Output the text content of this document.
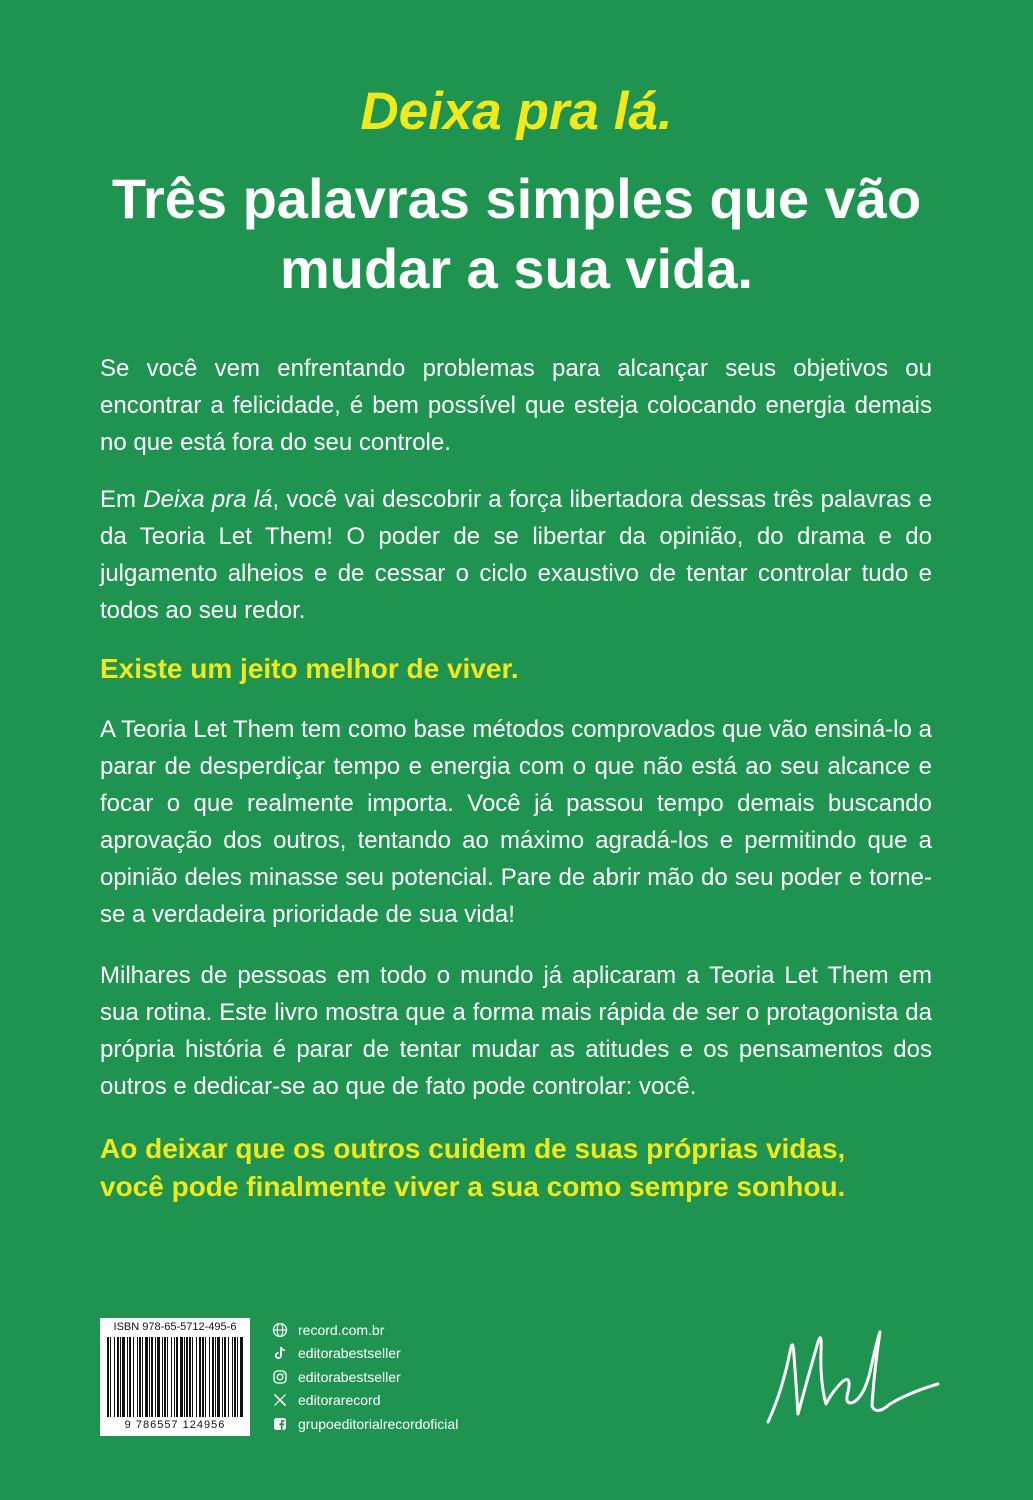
Deixa pra lá.
Três palavras simples que vão
mudar a sua vida.
Se você vem enfrentando problemas para alcançar seus objetivos ou encontrar a felicidade, é bem possível que esteja colocando energia demais no que está fora do seu controle.
Em Deixa pra lá, você vai descobrir a força libertadora dessas três palavras e da Teoria Let Them! O poder de se libertar da opinião, do drama e do julgamento alheios e de cessar o ciclo exaustivo de tentar controlar tudo e todos ao seu redor.
Existe um jeito melhor de viver.
A Teoria Let Them tem como base métodos comprovados que vão ensiná-lo a parar de desperdiçar tempo e energia com o que não está ao seu alcance e focar o que realmente importa. Você já passou tempo demais buscando aprovação dos outros, tentando ao máximo agradá-los e permitindo que a opinião deles minasse seu potencial. Pare de abrir mão do seu poder e torne-se a verdadeira prioridade de sua vida!
Milhares de pessoas em todo o mundo já aplicaram a Teoria Let Them em sua rotina. Este livro mostra que a forma mais rápida de ser o protagonista da própria história é parar de tentar mudar as atitudes e os pensamentos dos outros e dedicar-se ao que de fato pode controlar: você.
Ao deixar que os outros cuidem de suas próprias vidas,
você pode finalmente viver a sua como sempre sonhou.
ISBN 978-65-5712-495-6
9 786557 124956
record.com.br
editorabestseller
editorabestseller
editorarecord
grupoeditorialrecordoficial
